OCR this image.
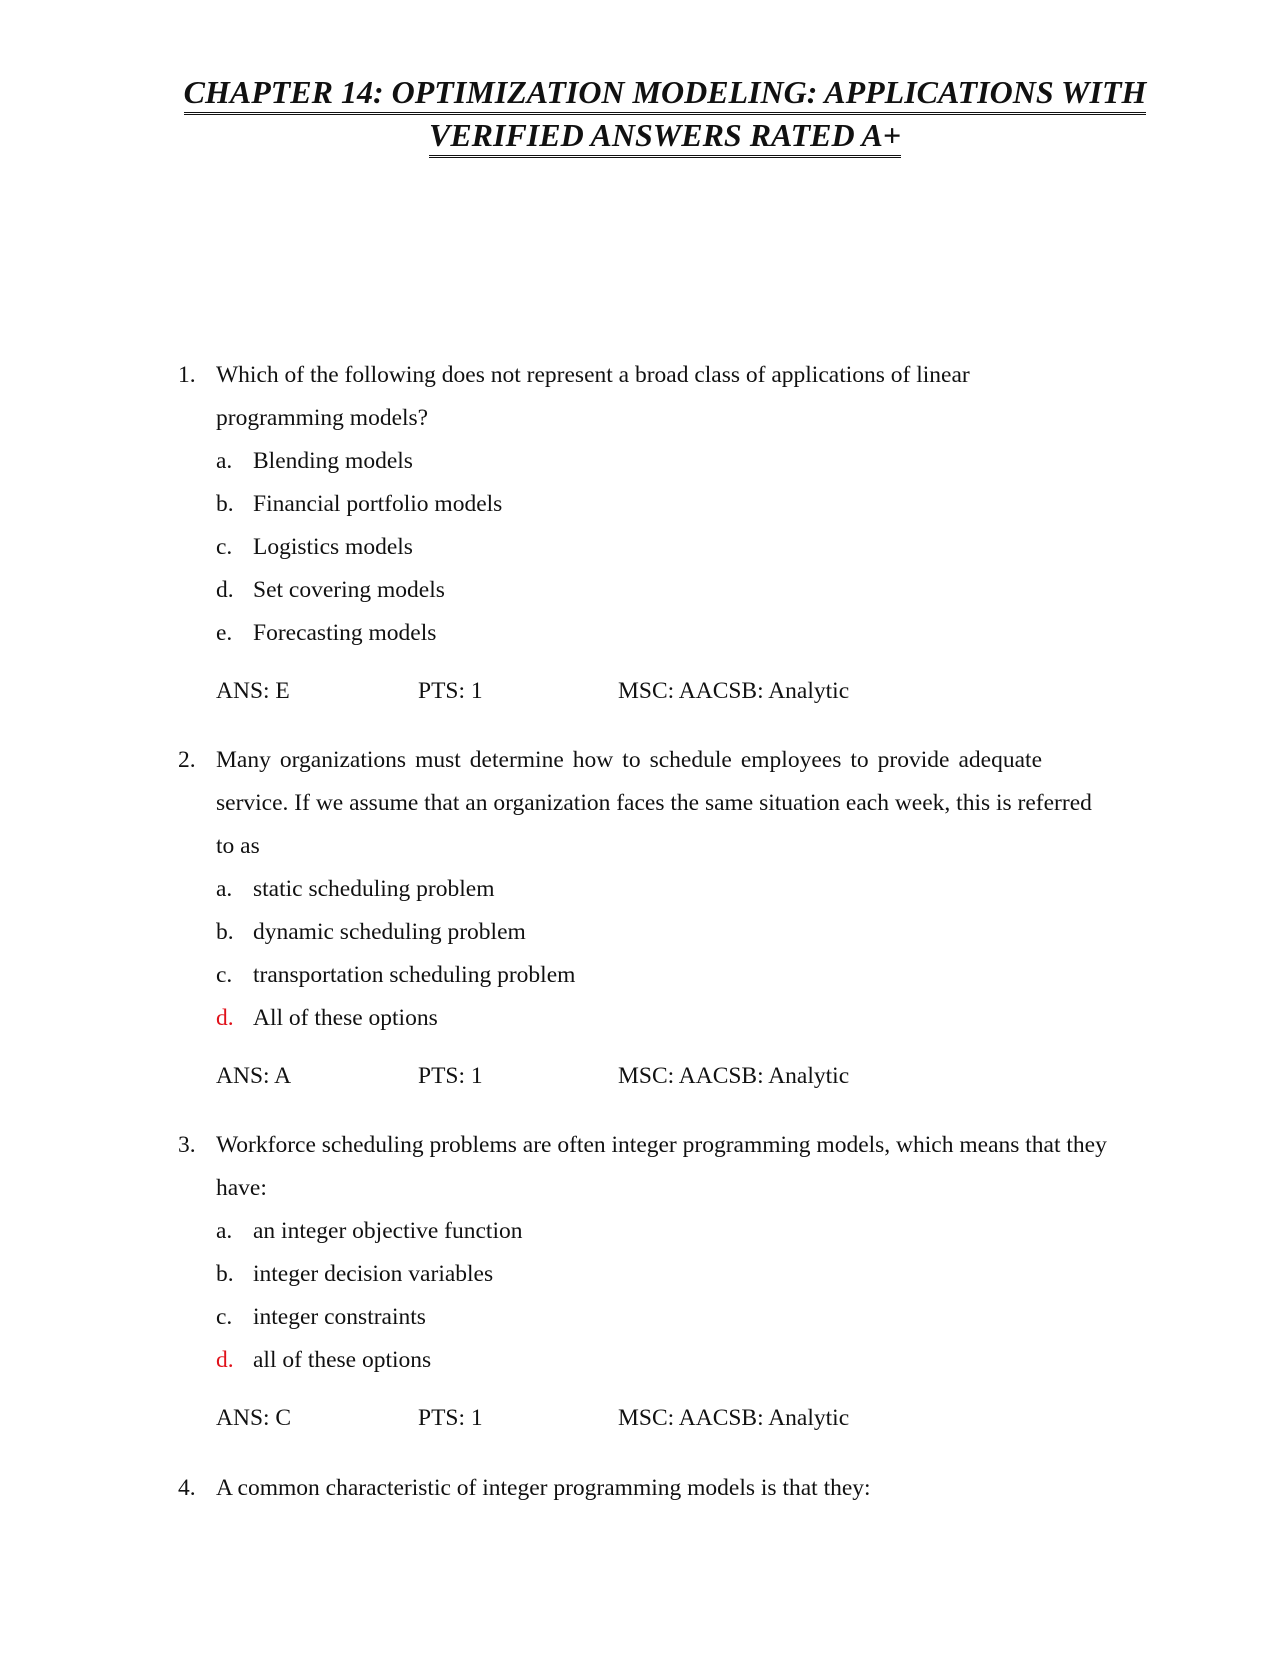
CHAPTER 14: OPTIMIZATION MODELING: APPLICATIONS WITH
VERIFIED ANSWERS RATED A+
1. Which of the following does not represent a broad class of applications of linear
programming models?
a. Blending models
b. Financial portfolio models
c. Logistics models
d. Set covering models
e. Forecasting models
ANS: E	PTS: 1	MSC: AACSB: Analytic
2. Many organizations must determine how to schedule employees to provide adequate
service. If we assume that an organization faces the same situation each week, this is referred
to as
a. static scheduling problem
b. dynamic scheduling problem
c. transportation scheduling problem
d. All of these options
ANS: A	PTS: 1	MSC: AACSB: Analytic
3. Workforce scheduling problems are often integer programming models, which means that they
have:
a. an integer objective function
b. integer decision variables
c. integer constraints
d. all of these options
ANS: C	PTS: 1	MSC: AACSB: Analytic
4. A common characteristic of integer programming models is that they:
